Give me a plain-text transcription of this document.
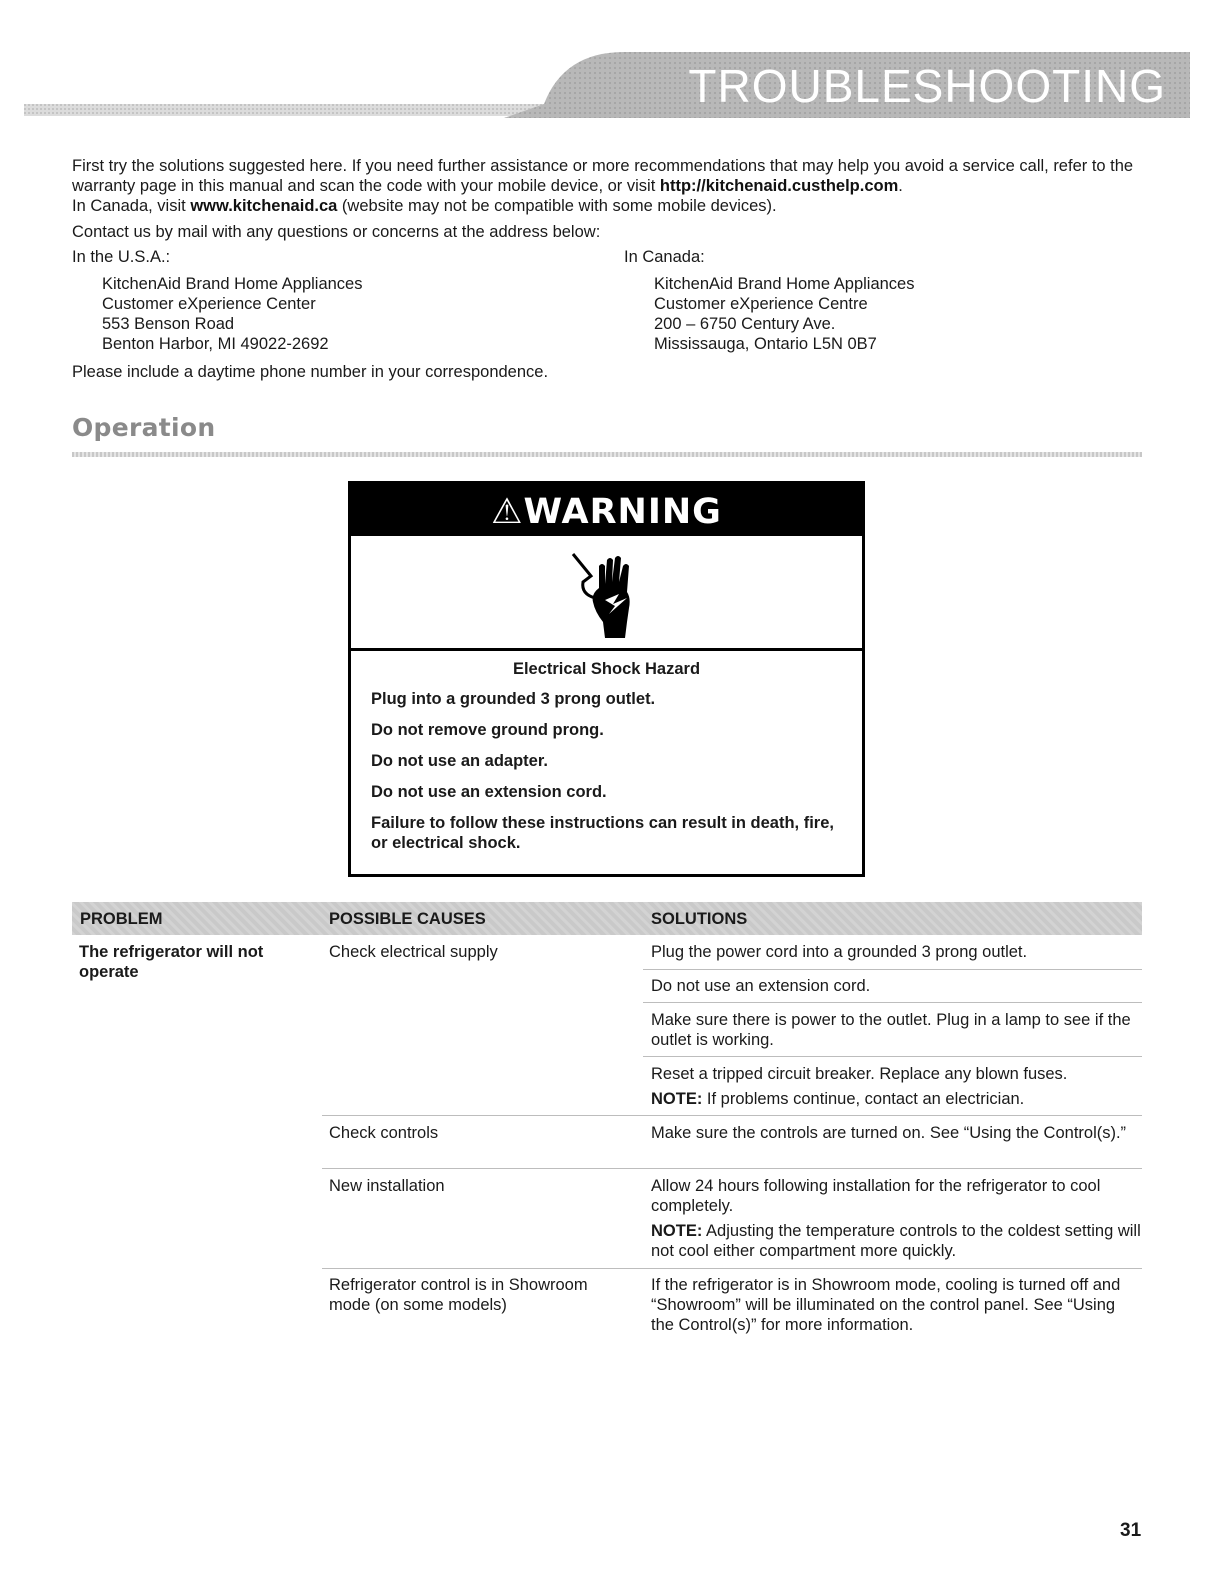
TROUBLESHOOTING

First try the solutions suggested here. If you need further assistance or more recommendations that may help you avoid a service call, refer to the warranty page in this manual and scan the code with your mobile device, or visit http://kitchenaid.custhelp.com.

In Canada, visit www.kitchenaid.ca (website may not be compatible with some mobile devices).

Contact us by mail with any questions or concerns at the address below:

In the U.S.A.:
KitchenAid Brand Home Appliances
Customer eXperience Center
553 Benson Road
Benton Harbor, MI 49022-2692
In Canada:
KitchenAid Brand Home Appliances
Customer eXperience Centre
200 – 6750 Century Ave.
Mississauga, Ontario L5N 0B7
Please include a daytime phone number in your correspondence.
Operation
⚠WARNING
Electrical Shock Hazard
Plug into a grounded 3 prong outlet.
Do not remove ground prong.
Do not use an adapter.
Do not use an extension cord.
Failure to follow these instructions can result in death, fire, or electrical shock.
PROBLEM	POSSIBLE CAUSES	SOLUTIONS
The refrigerator will not operate
Check electrical supply
Check controls
New installation
Refrigerator control is in Showroom mode (on some models)
Plug the power cord into a grounded 3 prong outlet.
Do not use an extension cord.
Make sure there is power to the outlet. Plug in a lamp to see if the outlet is working.
Reset a tripped circuit breaker. Replace any blown fuses.
NOTE: If problems continue, contact an electrician.
Make sure the controls are turned on. See “Using the Control(s).”
Allow 24 hours following installation for the refrigerator to cool completely.
NOTE: Adjusting the temperature controls to the coldest setting will not cool either compartment more quickly.
If the refrigerator is in Showroom mode, cooling is turned off and “Showroom” will be illuminated on the control panel. See “Using the Control(s)” for more information.
31
